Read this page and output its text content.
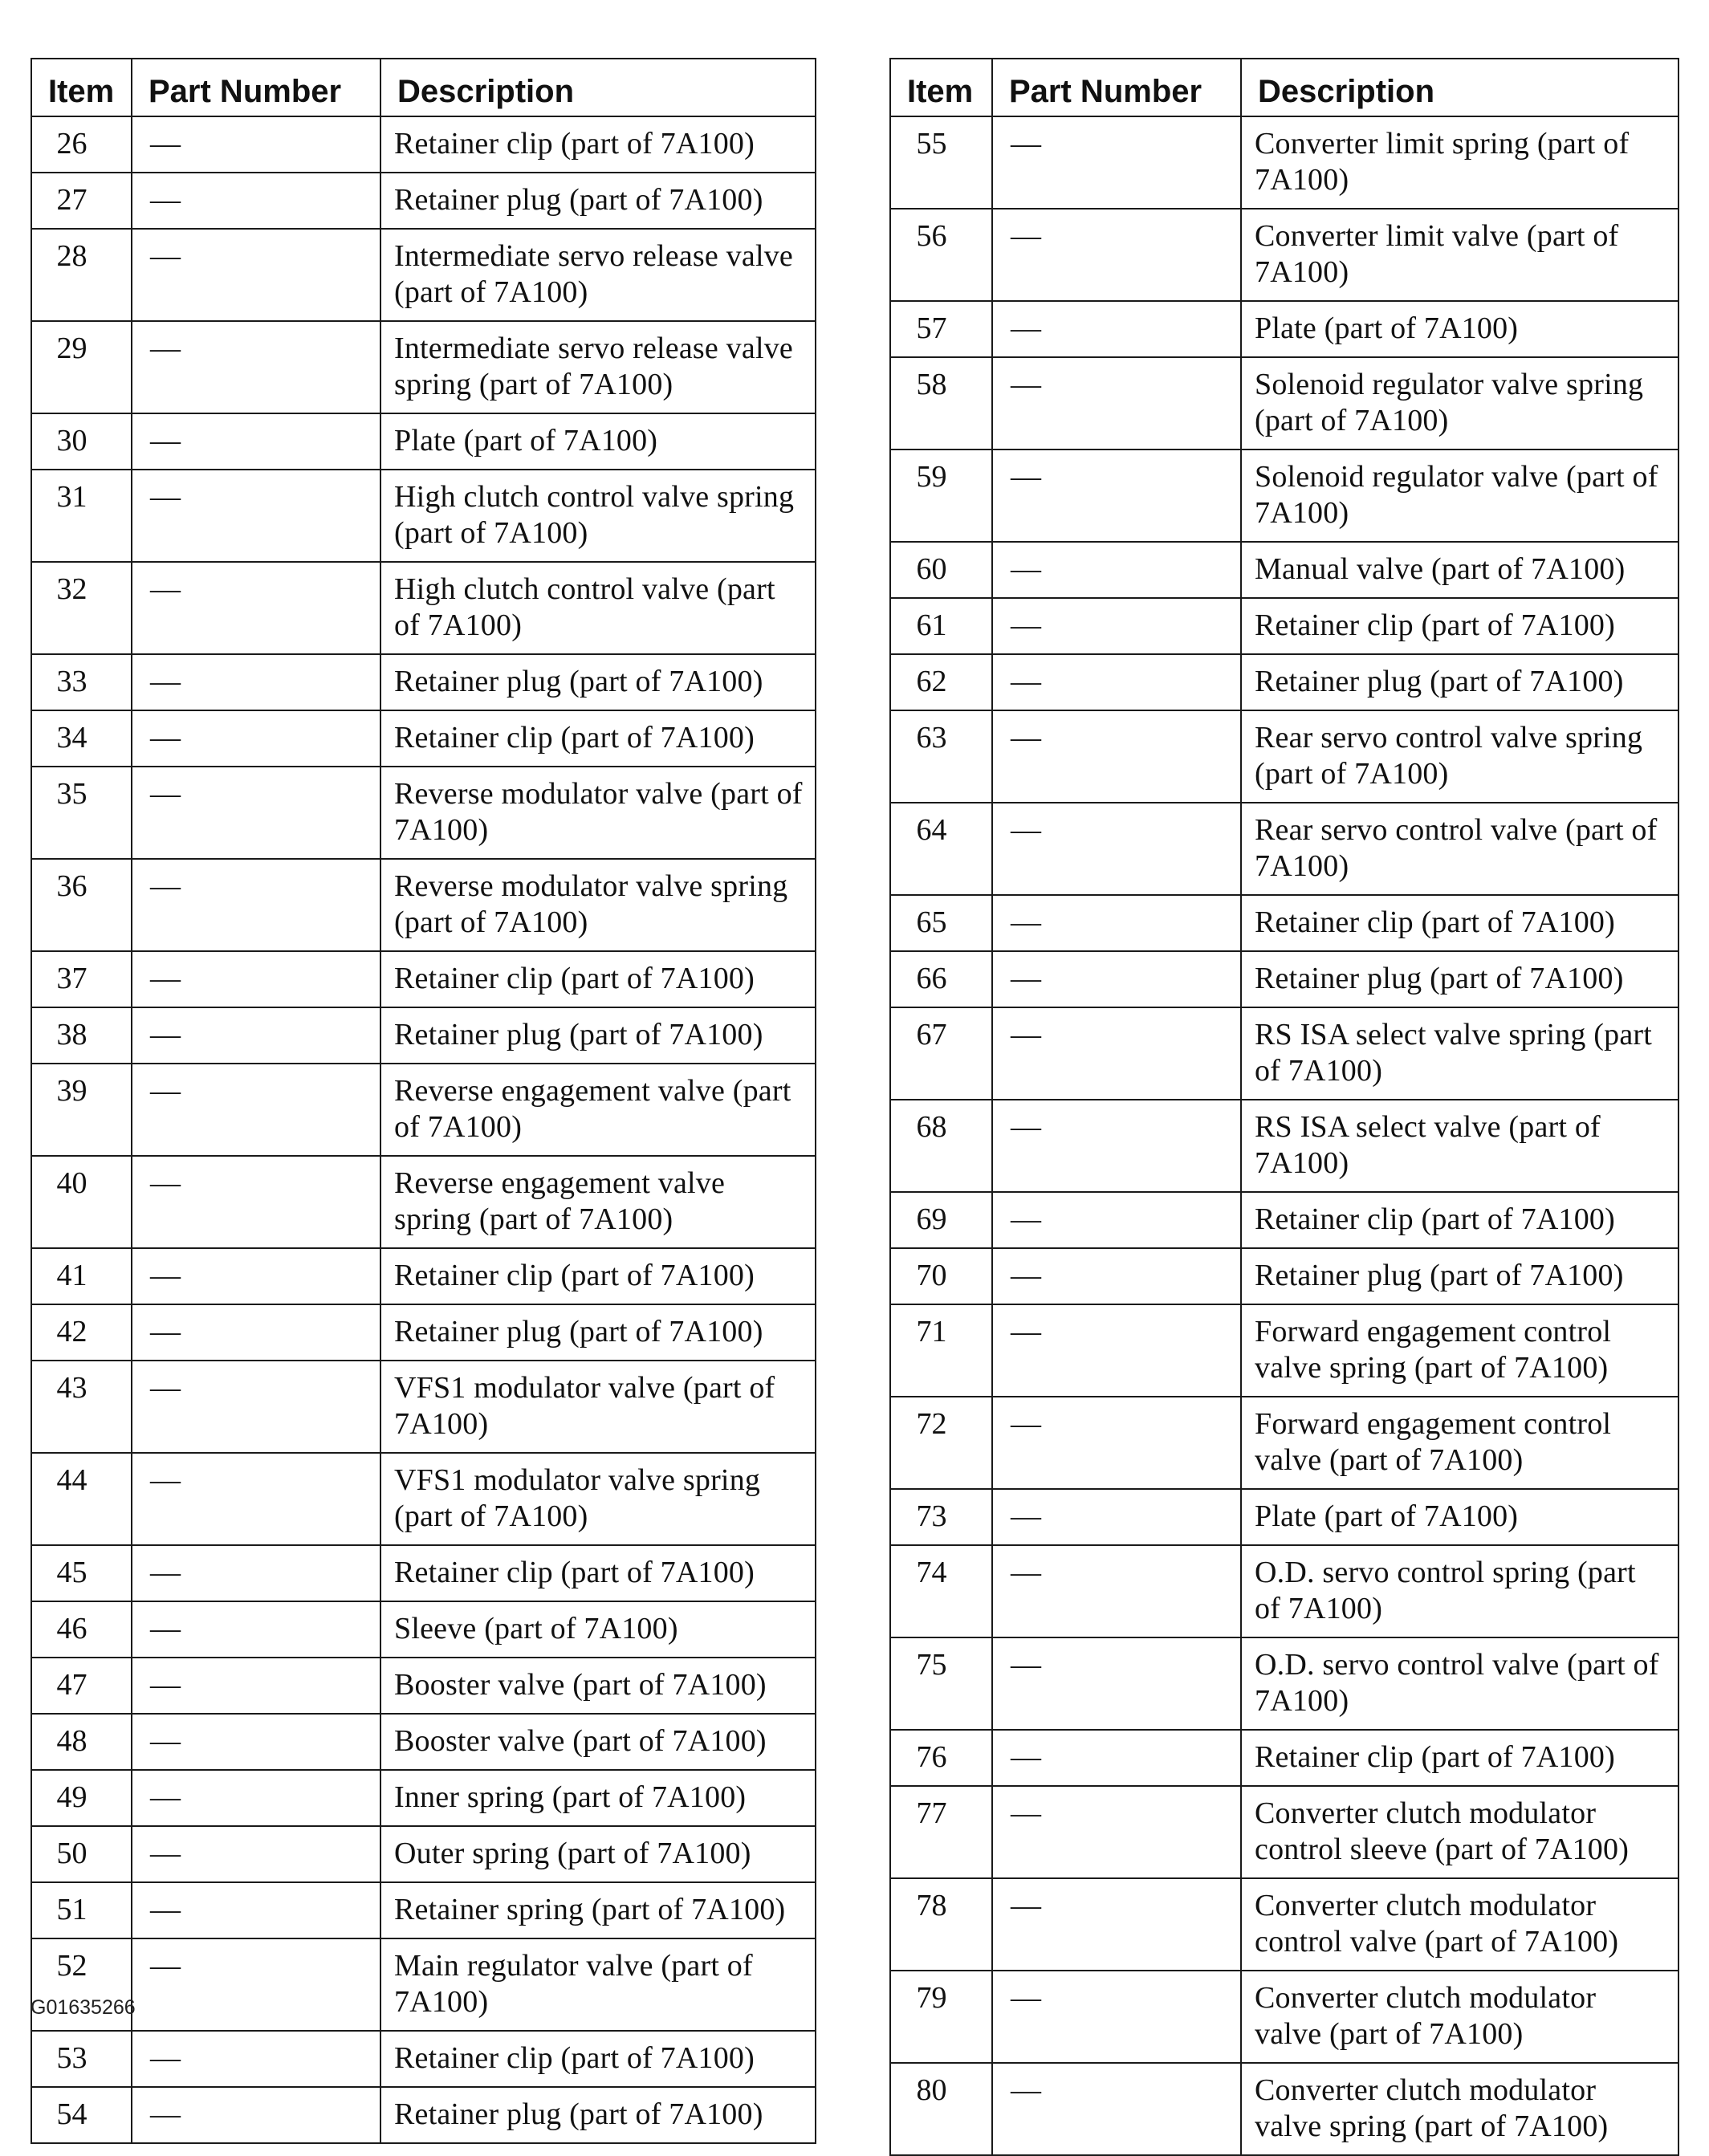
Item	Part Number	Description
26	—	Retainer clip (part of 7A100)
27	—	Retainer plug (part of 7A100)
28	—	Intermediate servo release valve (part of 7A100)
29	—	Intermediate servo release valve spring (part of 7A100)
30	—	Plate (part of 7A100)
31	—	High clutch control valve spring (part of 7A100)
32	—	High clutch control valve (part of 7A100)
33	—	Retainer plug (part of 7A100)
34	—	Retainer clip (part of 7A100)
35	—	Reverse modulator valve (part of 7A100)
36	—	Reverse modulator valve spring (part of 7A100)
37	—	Retainer clip (part of 7A100)
38	—	Retainer plug (part of 7A100)
39	—	Reverse engagement valve (part of 7A100)
40	—	Reverse engagement valve spring (part of 7A100)
41	—	Retainer clip (part of 7A100)
42	—	Retainer plug (part of 7A100)
43	—	VFS1 modulator valve (part of 7A100)
44	—	VFS1 modulator valve spring (part of 7A100)
45	—	Retainer clip (part of 7A100)
46	—	Sleeve (part of 7A100)
47	—	Booster valve (part of 7A100)
48	—	Booster valve (part of 7A100)
49	—	Inner spring (part of 7A100)
50	—	Outer spring (part of 7A100)
51	—	Retainer spring (part of 7A100)
52	—	Main regulator valve (part of 7A100)
53	—	Retainer clip (part of 7A100)
54	—	Retainer plug (part of 7A100)
Item	Part Number	Description
55	—	Converter limit spring (part of 7A100)
56	—	Converter limit valve (part of 7A100)
57	—	Plate (part of 7A100)
58	—	Solenoid regulator valve spring (part of 7A100)
59	—	Solenoid regulator valve (part of 7A100)
60	—	Manual valve (part of 7A100)
61	—	Retainer clip (part of 7A100)
62	—	Retainer plug (part of 7A100)
63	—	Rear servo control valve spring (part of 7A100)
64	—	Rear servo control valve (part of 7A100)
65	—	Retainer clip (part of 7A100)
66	—	Retainer plug (part of 7A100)
67	—	RS ISA select valve spring (part of 7A100)
68	—	RS ISA select valve (part of 7A100)
69	—	Retainer clip (part of 7A100)
70	—	Retainer plug (part of 7A100)
71	—	Forward engagement control valve spring (part of 7A100)
72	—	Forward engagement control valve (part of 7A100)
73	—	Plate (part of 7A100)
74	—	O.D. servo control spring (part of 7A100)
75	—	O.D. servo control valve (part of 7A100)
76	—	Retainer clip (part of 7A100)
77	—	Converter clutch modulator control sleeve (part of 7A100)
78	—	Converter clutch modulator control valve (part of 7A100)
79	—	Converter clutch modulator valve (part of 7A100)
80	—	Converter clutch modulator valve spring (part of 7A100)
G01635266
